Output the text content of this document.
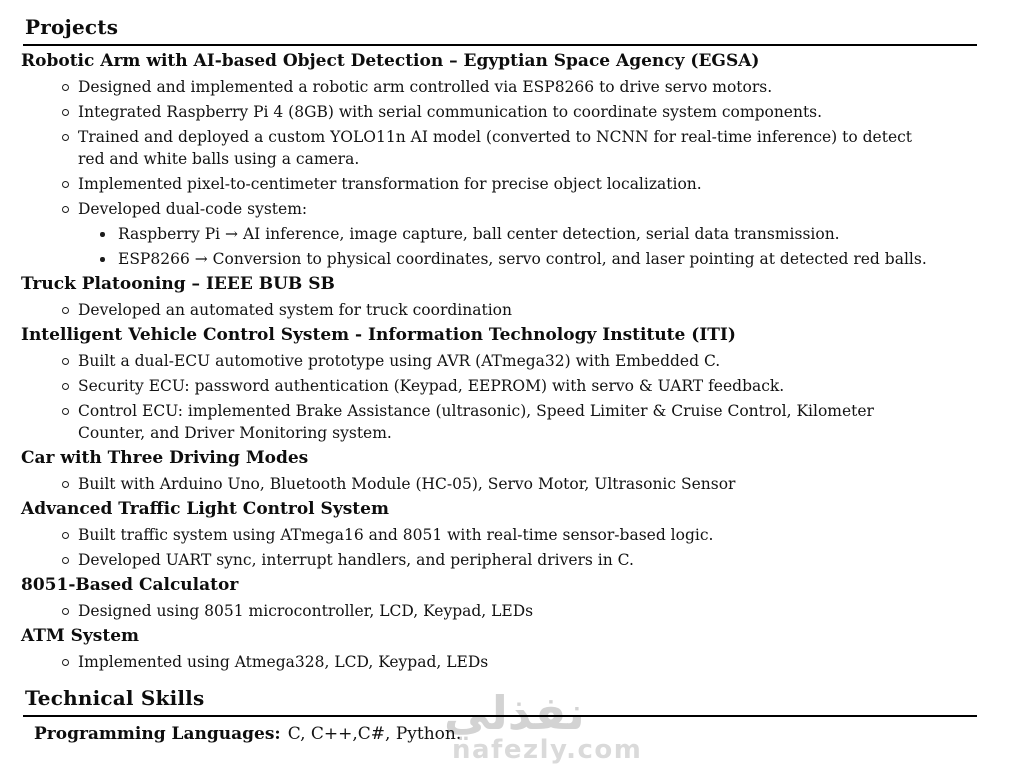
نفذلي
nafezly.com
Projects
Robotic Arm with AI-based Object Detection – Egyptian Space Agency (EGSA)
Designed and implemented a robotic arm controlled via ESP8266 to drive servo motors.
Integrated Raspberry Pi 4 (8GB) with serial communication to coordinate system components.
Trained and deployed a custom YOLO11n AI model (converted to NCNN for real-time inference) to detect red and white balls using a camera.
Implemented pixel-to-centimeter transformation for precise object localization.
Developed dual-code system:
Raspberry Pi → AI inference, image capture, ball center detection, serial data transmission.
ESP8266 → Conversion to physical coordinates, servo control, and laser pointing at detected red balls.
Truck Platooning – IEEE BUB SB
Developed an automated system for truck coordination
Intelligent Vehicle Control System - Information Technology Institute (ITI)
Built a dual-ECU automotive prototype using AVR (ATmega32) with Embedded C.
Security ECU: password authentication (Keypad, EEPROM) with servo & UART feedback.
Control ECU: implemented Brake Assistance (ultrasonic), Speed Limiter & Cruise Control, Kilometer Counter, and Driver Monitoring system.
Car with Three Driving Modes
Built with Arduino Uno, Bluetooth Module (HC-05), Servo Motor, Ultrasonic Sensor
Advanced Traffic Light Control System
Built traffic system using ATmega16 and 8051 with real-time sensor-based logic.
Developed UART sync, interrupt handlers, and peripheral drivers in C.
8051-Based Calculator
Designed using 8051 microcontroller, LCD, Keypad, LEDs
ATM System
Implemented using Atmega328, LCD, Keypad, LEDs
Technical Skills

Programming Languages: C, C++,C#, Python.
